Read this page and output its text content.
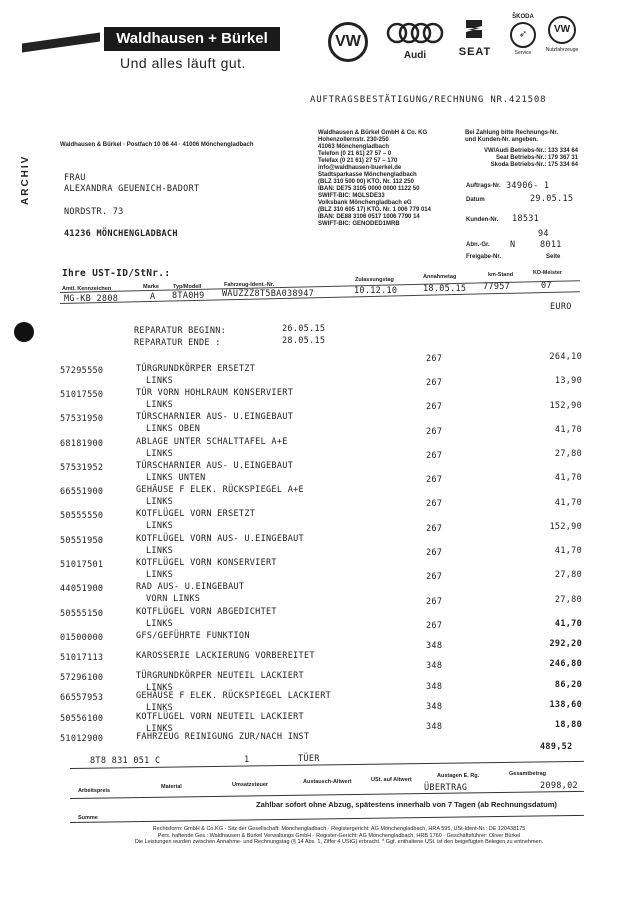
Waldhausen + Bürkel
Und alles läuft gut.
VW
Audi	SEAT
ŠKODA
➶
Service
VW
Nutzfahrzeuge
AUFTRAGSBESTÄTIGUNG/RECHNUNG NR.421508
Waldhausen & Bürkel · Postfach 10 06 44 · 41006 Mönchengladbach
Waldhausen & Bürkel GmbH & Co. KG
Hohenzollernstr. 230-250
41063 Mönchengladbach
Telefon (0 21 61) 27 57 – 0
Telefax (0 21 61) 27 57 – 170
info@waldhausen-buerkel.de
Stadtsparkasse Mönchengladbach
(BLZ 310 500 00) KTO. Nr. 112 250
IBAN: DE75 3105 0000 0000 1122 50
SWIFT-BIC: MGLSDE33
Volksbank Mönchengladbach eG
(BLZ 310 605 17) KTO. Nr. 1 006 779 014
IBAN: DE88 3106 0517 1006 7790 14
SWIFT-BIC: GENODED1MRB
Bei Zahlung bitte Rechnungs-Nr.
und Kunden-Nr. angeben.
VW/Audi Betriebs-Nr.: 133 334 64
Seat Betriebs-Nr.: 179 367 31
Skoda Betriebs-Nr.: 175 334 64
ARCHIV	FRAU
ALEXANDRA GEUENICH-BADORT
NORDSTR. 73
41236 MÖNCHENGLADBACH
Auftrags-Nr. 34906- 1
Datum	29.05.15
Kunden-Nr. 18531
94
Abn.-Gr. N	8011
Freigabe-Nr.	Seite
Ihre UST-ID/StNr.:
Amtl. Kennzeichen	Marke	Typ/Modell	Fahrzeug-Ident.-Nr.
Zulassungstag	Annahmetag	km-Stand	KD-Meister
MG-KB 2808	A 8TA0H9 WAUZZZ8T5BA038947	10.12.10	18.05.15 77957	07
EURO
REPARATUR BEGINN:	26.05.15
REPARATUR ENDE :	28.05.15
57295550	TÜRGRUNDKÖRPER ERSETZT
LINKS
267	264,10
51017550	TÜR VORN HOHLRAUM KONSERVIERT
LINKS
267	13,90
57531950	TÜRSCHARNIER AUS- U.EINGEBAUT
LINKS OBEN
267	152,90
68181900	ABLAGE UNTER SCHALTTAFEL A+E
LINKS
267	41,70
57531952	TÜRSCHARNIER AUS- U.EINGEBAUT
LINKS UNTEN
267	27,80
66551900	GEHÄUSE F ELEK. RÜCKSPIEGEL A+E
LINKS
267	41,70
50555550	KOTFLÜGEL VORN ERSETZT
LINKS
267	41,70
50551950	KOTFLÜGEL VORN AUS- U.EINGEBAUT
LINKS
267	152,90
51017501	KOTFLÜGEL VORN KONSERVIERT
LINKS
267	41,70
44051900	RAD AUS- U.EINGEBAUT
VORN LINKS
267	27,80
50555150	KOTFLÜGEL VORN ABGEDICHTET
LINKS
267	27,80
01500000	GFS/GEFÜHRTE FUNKTION
267	41,70
51017113	KAROSSERIE LACKIERUNG VORBEREITET
348	292,20
57296100	TÜRGRUNDKÖRPER NEUTEIL LACKIERT
LINKS
348	246,80
66557953	GEHÄUSE F ELEK. RÜCKSPIEGEL LACKIERT
LINKS
348	86,20
50556100	KOTFLÜGEL VORN NEUTEIL LACKIERT
LINKS
348	138,60
51012900	FAHRZEUG REINIGUNG ZUR/NACH INST
348	18,80
8T8 831 051 C	1	TÜER
489,52
Arbeitspreis
Material	Umsatzsteuer	Austausch-Altwert	USt. auf Altwert
Austagen E. Rg.	Gesamtbetrag
ÜBERTRAG	2098,02
Zahlbar sofort ohne Abzug, spätestens innerhalb von 7 Tagen (ab Rechnungsdatum)
Summe
Rechtsform: GmbH & Co.KG · Sitz der Gesellschaft: Mönchengladbach · Registergericht: AG Mönchengladbach, HRA 595, USt-Ident-Nr.: DE 120438175
Pers. haftende Ges.: Waldhausen & Bürkel Verwaltungs GmbH · Register-Gericht: AG Mönchengladbach, HRB 1760 · Geschäftsführer: Oliver Bürkel
Die Leistungen wurden zwischen Annahme- und Rechnungstag (§ 14 Abs. 1, Ziffer 4 UStG) erbracht. * Ggf. enthaltene USt. ist den beigefügten Belegen zu entnehmen.
